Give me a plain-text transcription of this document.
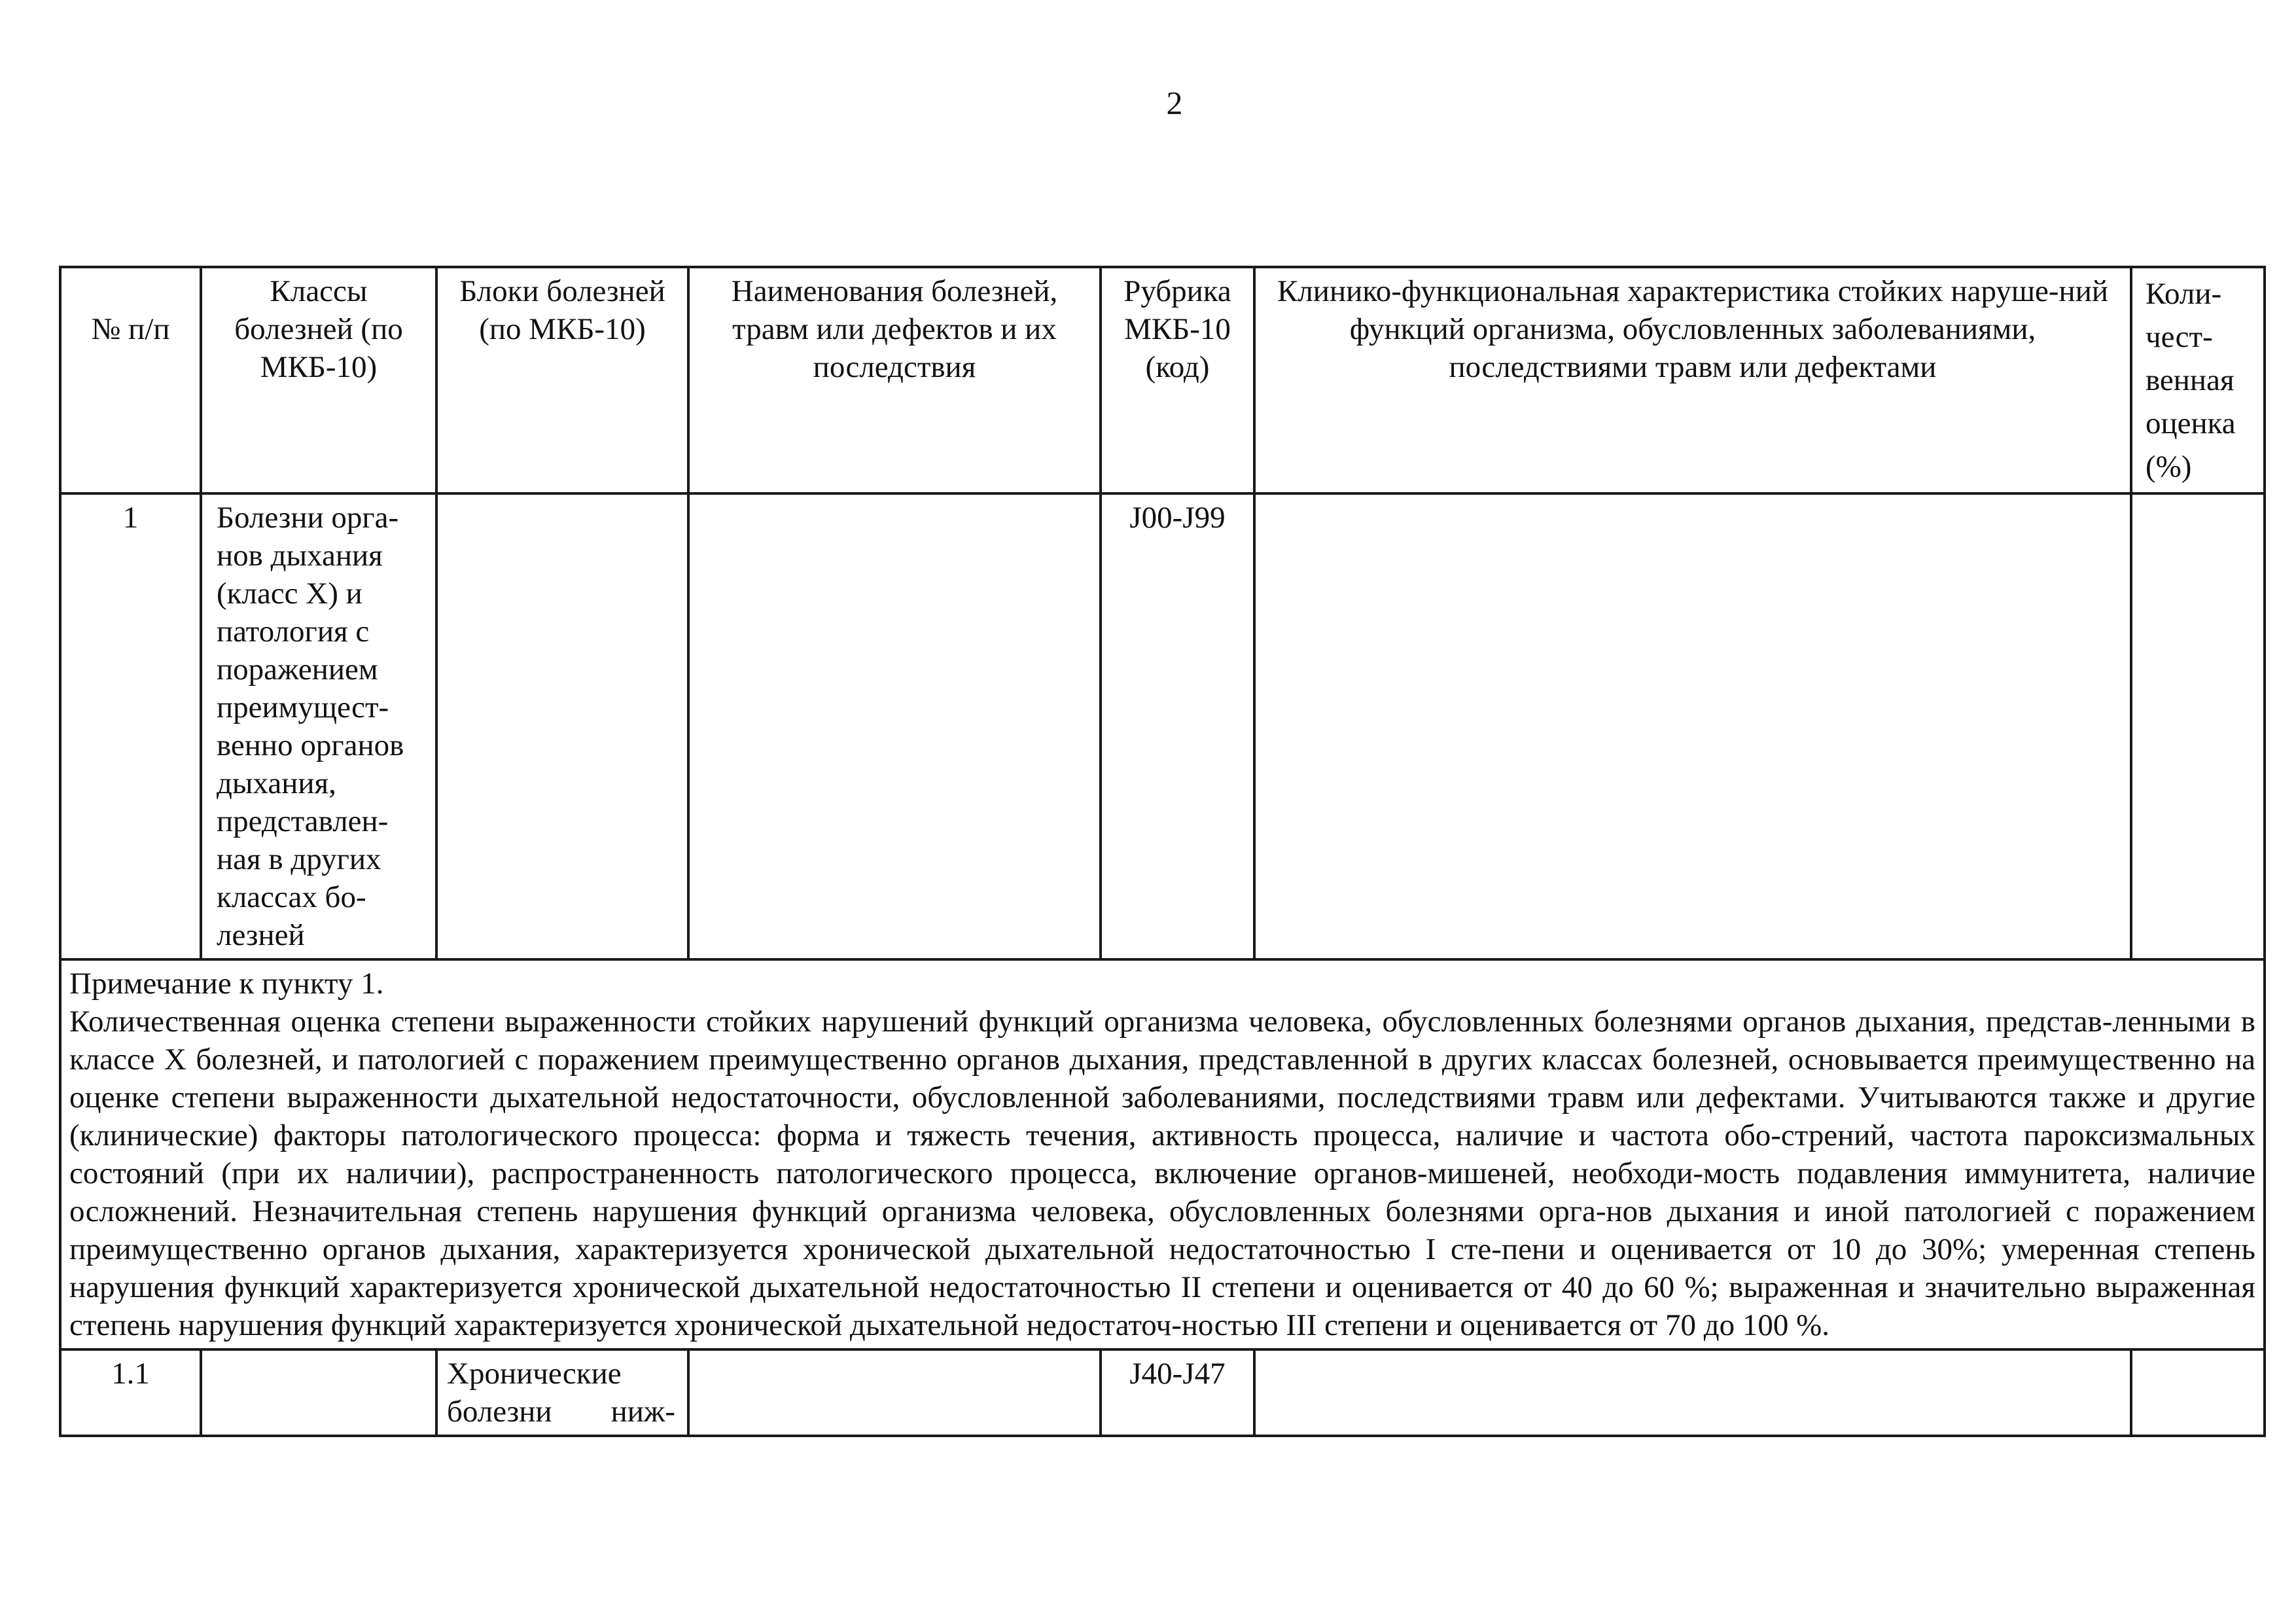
2
№ п/п	Классы болезней (по МКБ-10)	Блоки болезней (по МКБ-10)	Наименования болезней, травм или дефектов и их последствия	Рубрика МКБ-10 (код)	Клинико-функциональная характеристика стойких наруше-ний функций организма, обусловленных заболеваниями, последствиями травм или дефектами	Коли-чест-венная оценка (%)
1	Болезни орга-нов дыхания (класс X) и патология с поражением преимущест-венно органов дыхания, представлен-ная в других классах бо-лезней			J00-J99		

Примечание к пункту 1.
Количественная оценка степени выраженности стойких нарушений функций организма человека, обусловленных болезнями органов дыхания, представ-ленными в классе X болезней, и патологией с поражением преимущественно органов дыхания, представленной в других классах болезней, основывается преимущественно на оценке степени выраженности дыхательной недостаточности, обусловленной заболеваниями, последствиями травм или дефектами. Учитываются также и другие (клинические) факторы патологического процесса: форма и тяжесть течения, активность процесса, наличие и частота обо-стрений, частота пароксизмальных состояний (при их наличии), распространенность патологического процесса, включение органов-мишеней, необходи-мость подавления иммунитета, наличие осложнений. Незначительная степень нарушения функций организма человека, обусловленных болезнями орга-нов дыхания и иной патологией с поражением преимущественно органов дыхания, характеризуется хронической дыхательной недостаточностью I сте-пени и оценивается от 10 до 30%; умеренная степень нарушения функций характеризуется хронической дыхательной недостаточностью II степени и оценивается от 40 до 60 %; выраженная и значительно выраженная степень нарушения функций характеризуется хронической дыхательной недостаточ-ностью III степени и оценивается от 70 до 100 %.						
1.1		Хронические болезни ниж-		J40-J47		
